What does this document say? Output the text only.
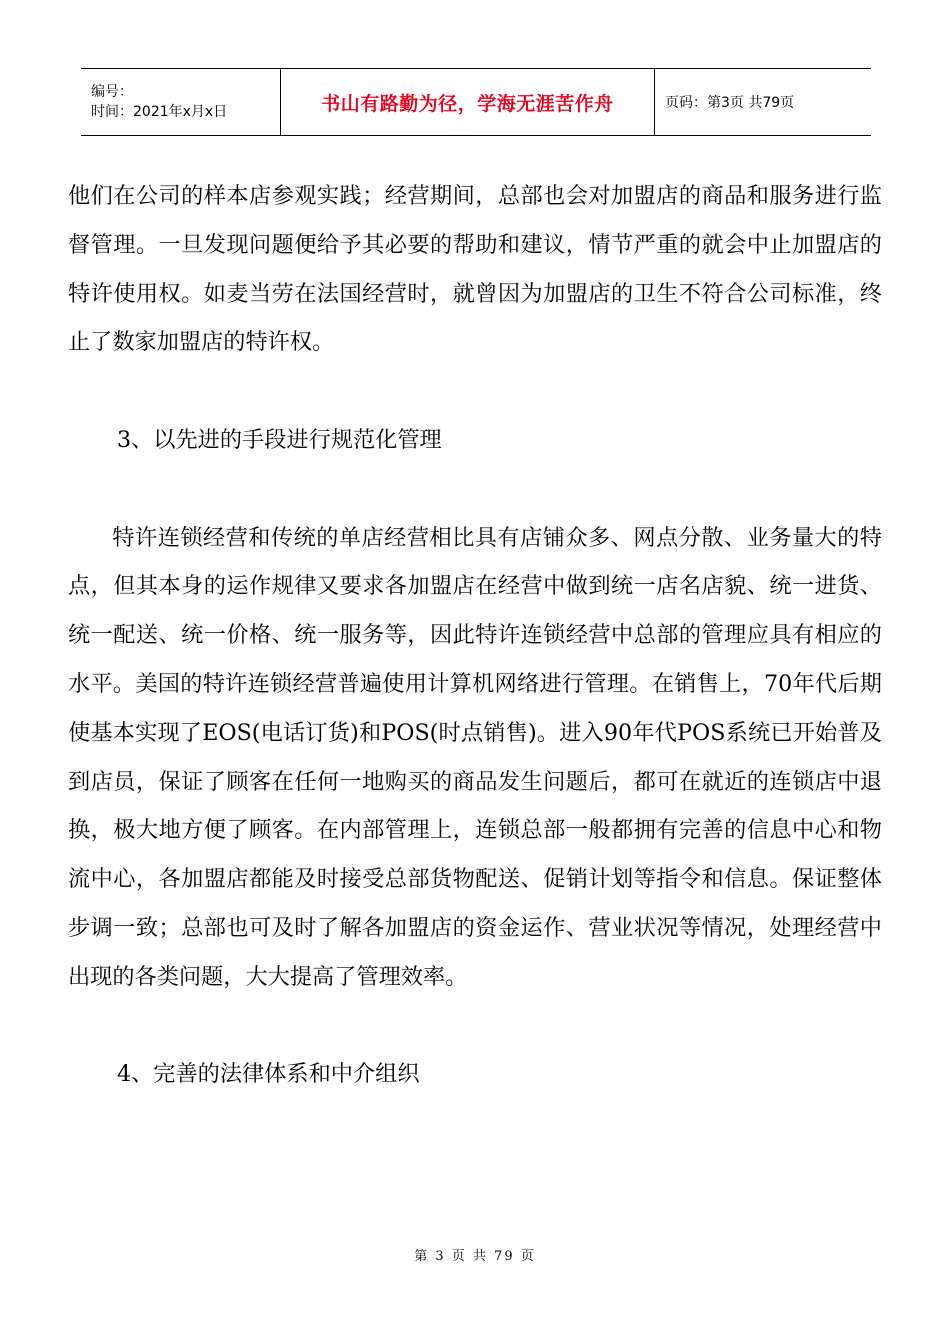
编号：
时间：2021年x月x日	书山有路勤为径，学海无涯苦作舟	页码：第3页 共79页

他们在公司的样本店参观实践；经营期间，总部也会对加盟店的商品和服务进行监督管理。一旦发现问题便给予其必要的帮助和建议，情节严重的就会中止加盟店的特许使用权。如麦当劳在法国经营时，就曾因为加盟店的卫生不符合公司标准，终止了数家加盟店的特许权。

3、以先进的手段进行规范化管理

特许连锁经营和传统的单店经营相比具有店铺众多、网点分散、业务量大的特点，但其本身的运作规律又要求各加盟店在经营中做到统一店名店貌、统一进货、统一配送、统一价格、统一服务等，因此特许连锁经营中总部的管理应具有相应的水平。美国的特许连锁经营普遍使用计算机网络进行管理。在销售上，70年代后期使基本实现了EOS(电话订货)和POS(时点销售)。进入90年代POS系统已开始普及到店员，保证了顾客在任何一地购买的商品发生问题后，都可在就近的连锁店中退换，极大地方便了顾客。在内部管理上，连锁总部一般都拥有完善的信息中心和物流中心，各加盟店都能及时接受总部货物配送、促销计划等指令和信息。保证整体步调一致；总部也可及时了解各加盟店的资金运作、营业状况等情况，处理经营中出现的各类问题，大大提高了管理效率。

4、完善的法律体系和中介组织

第 3 页 共 79 页
